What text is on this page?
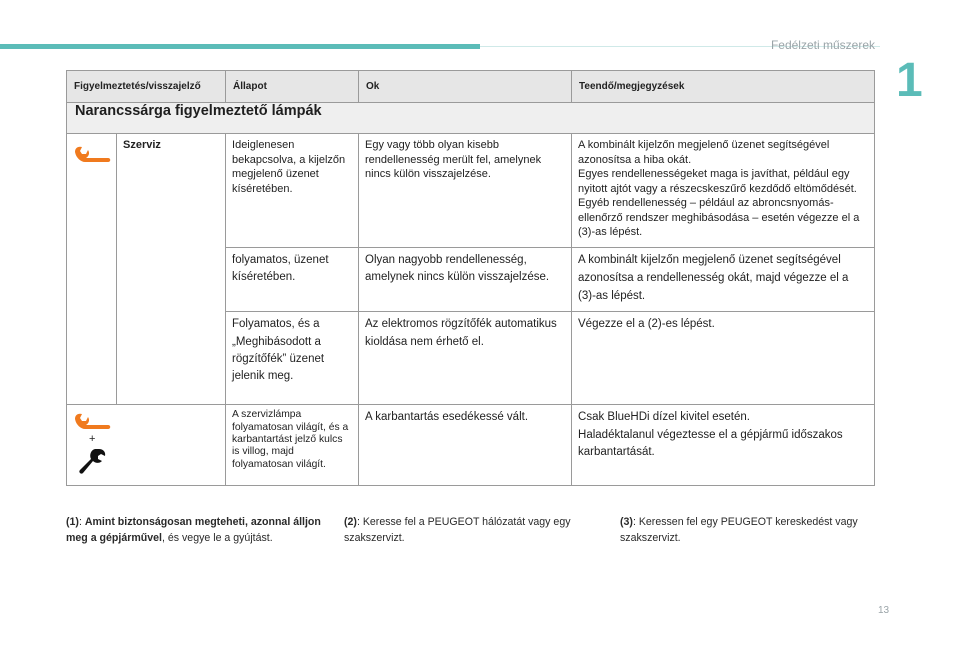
Fedélzeti műszerek
1
Figyelmeztetés/visszajelző		Állapot	Ok	Teendő/megjegyzések

Narancssárga figyelmeztető lámpák				

	Szerviz	Ideiglenesen bekapcsolva, a kijelzőn megjelenő üzenet kíséretében.	Egy vagy több olyan kisebb rendellenesség merült fel, amelynek nincs külön visszajelzése.	A kombinált kijelzőn megjelenő üzenet segítségével azonosítsa a hiba okát.
Egyes rendellenességeket maga is javíthat, például egy nyitott ajtót vagy a részecskeszűrő kezdődő eltömődését.
Egyéb rendellenesség – például az abroncsnyomás-ellenőrző rendszer meghibásodása – esetén végezze el a (3)-as lépést.

		folyamatos, üzenet kíséretében.	Olyan nagyobb rendellenesség, amelynek nincs külön visszajelzése.	A kombinált kijelzőn megjelenő üzenet segítségével azonosítsa a rendellenesség okát, majd végezze el a (3)-as lépést.

		Folyamatos, és a „Meghibásodott a rögzítőfék” üzenet jelenik meg.	Az elektromos rögzítőfék automatikus kioldása nem érhető el.	Végezze el a (2)-es lépést.

+		A szervizlámpa folyamatosan világít, és a karbantartást jelző kulcs is villog, majd folyamatosan világít.	A karbantartás esedékessé vált.	Csak BlueHDi dízel kivitel esetén.
Haladéktalanul végeztesse el a gépjármű időszakos karbantartását.
(1): Amint biztonságosan megteheti, azonnal álljon meg a gépjárművel, és vegye le a gyújtást.
(2): Keresse fel a PEUGEOT hálózatát vagy egy szakszervizt.
(3): Keressen fel egy PEUGEOT kereskedést vagy szakszervizt.
13
